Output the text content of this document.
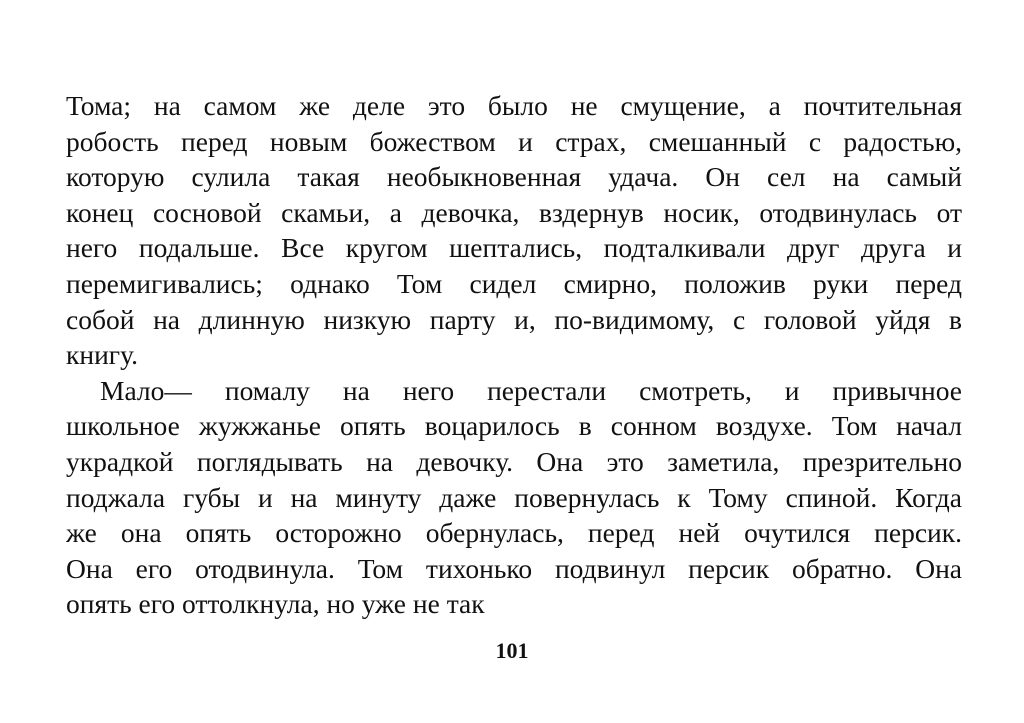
Тома; на самом же деле это было не смущение, а почтительная
робость перед новым божеством и страх, смешанный с радостью,
которую сулила такая необыкновенная удача. Он сел на самый
конец сосновой скамьи, а девочка, вздернув носик, отодвинулась от
него подальше. Все кругом шептались, подталкивали друг друга и
перемигивались; однако Том сидел смирно, положив руки перед
собой на длинную низкую парту и, по-видимому, с головой уйдя в
книгу.
Мало— помалу на него перестали смотреть, и привычное
школьное жужжанье опять воцарилось в сонном воздухе. Том начал
украдкой поглядывать на девочку. Она это заметила, презрительно
поджала губы и на минуту даже повернулась к Тому спиной. Когда
же она опять осторожно обернулась, перед ней очутился персик.
Она его отодвинула. Том тихонько подвинул персик обратно. Она
опять его оттолкнула, но уже не так
101
